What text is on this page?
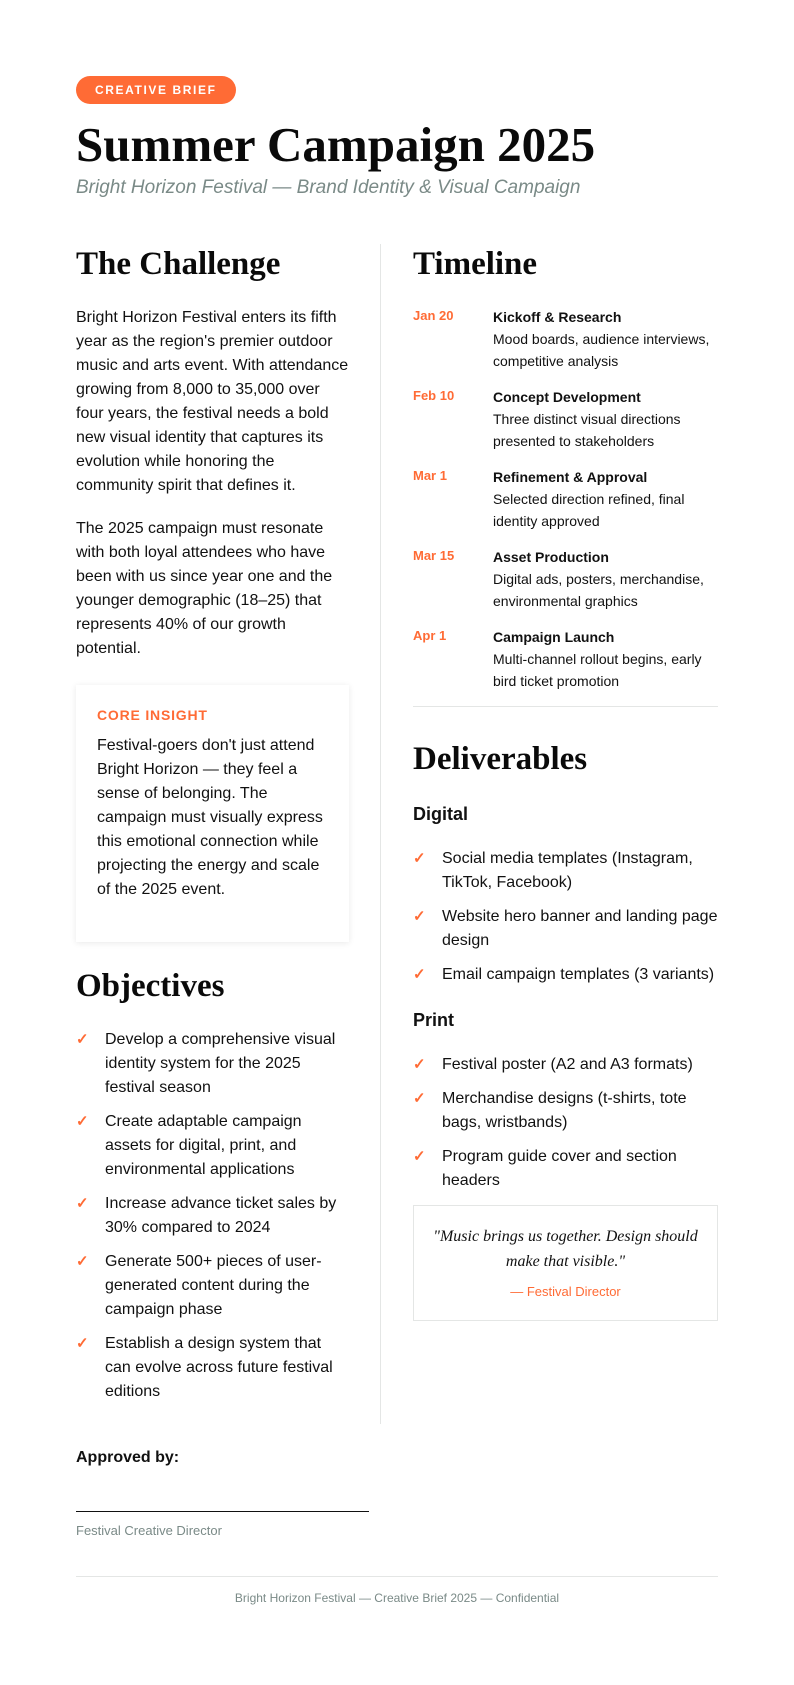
CREATIVE BRIEF
Summer Campaign 2025
Bright Horizon Festival — Brand Identity & Visual Campaign
The Challenge

Bright Horizon Festival enters its fifth year as the region's premier outdoor music and arts event. With attendance growing from 8,000 to 35,000 over four years, the festival needs a bold new visual identity that captures its evolution while honoring the community spirit that defines it.

The 2025 campaign must resonate with both loyal attendees who have been with us since year one and the younger demographic (18–25) that represents 40% of our growth potential.

CORE INSIGHT

Festival-goers don't just attend Bright Horizon — they feel a sense of belonging. The campaign must visually express this emotional connection while projecting the energy and scale of the 2025 event.

Objectives
✓ Develop a comprehensive visual identity system for the 2025 festival season
✓ Create adaptable campaign assets for digital, print, and environmental applications
✓ Increase advance ticket sales by 30% compared to 2024
✓ Generate 500+ pieces of user-generated content during the campaign phase
✓ Establish a design system that can evolve across future festival editions
Timeline
Jan 20	Kickoff & Research
Mood boards, audience interviews, competitive analysis
Feb 10	Concept Development
Three distinct visual directions presented to stakeholders
Mar 1	Refinement & Approval
Selected direction refined, final identity approved
Mar 15	Asset Production
Digital ads, posters, merchandise, environmental graphics
Apr 1	Campaign Launch
Multi-channel rollout begins, early bird ticket promotion
Deliverables
Digital
✓ Social media templates (Instagram, TikTok, Facebook)
✓ Website hero banner and landing page design
✓ Email campaign templates (3 variants)
Print
✓ Festival poster (A2 and A3 formats)
✓ Merchandise designs (t-shirts, tote bags, wristbands)
✓ Program guide cover and section headers

"Music brings us together. Design should make that visible."

— Festival Director
Approved by:
Festival Creative Director
Bright Horizon Festival — Creative Brief 2025 — Confidential
